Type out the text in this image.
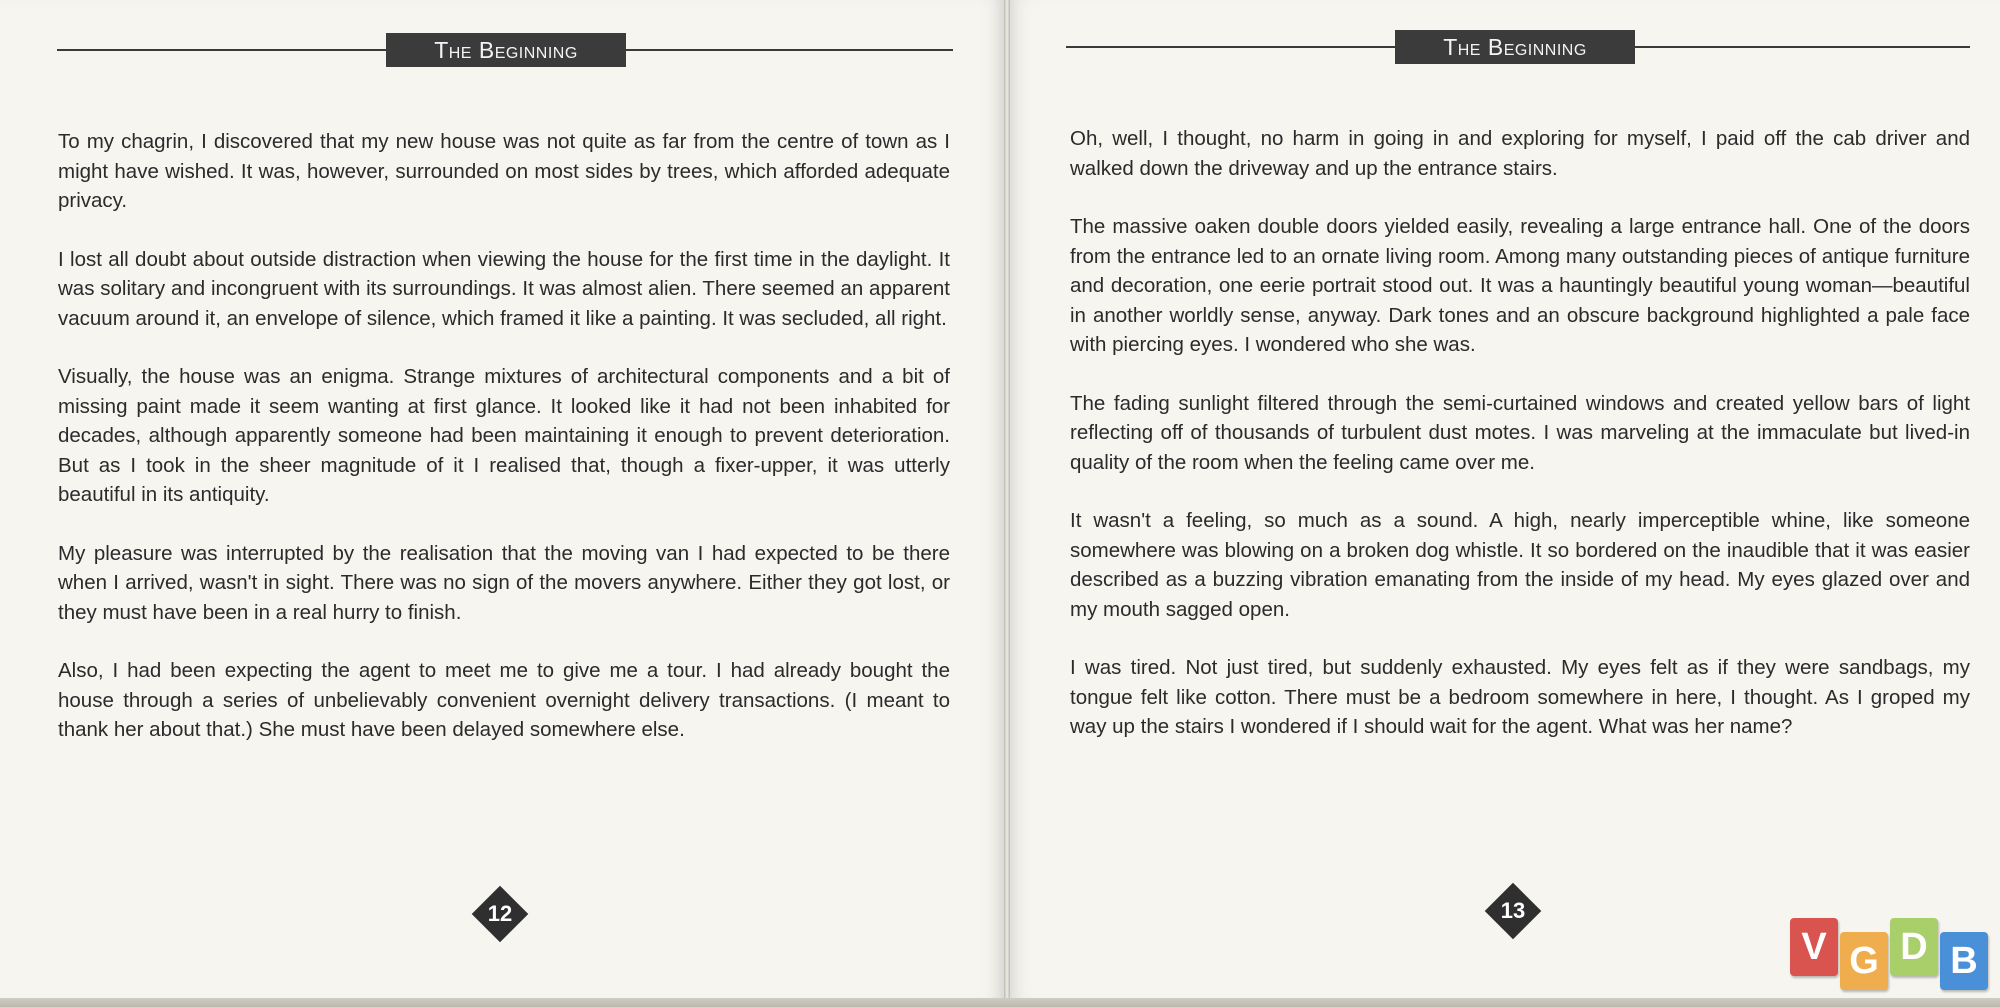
The Beginning

To my chagrin, I discovered that my new house was not quite as far from the centre of town as I might have wished. It was, however, surrounded on most sides by trees, which afforded adequate privacy.

I lost all doubt about outside distraction when viewing the house for the first time in the daylight. It was solitary and incongruent with its surroundings. It was almost alien. There seemed an apparent vacuum around it, an envelope of silence, which framed it like a painting. It was secluded, all right.

Visually, the house was an enigma. Strange mixtures of architectural components and a bit of missing paint made it seem wanting at first glance. It looked like it had not been inhabited for decades, although apparently someone had been maintaining it enough to prevent deterioration. But as I took in the sheer magnitude of it I realised that, though a fixer-upper, it was utterly beautiful in its antiquity.

My pleasure was interrupted by the realisation that the moving van I had expected to be there when I arrived, wasn't in sight. There was no sign of the movers anywhere. Either they got lost, or they must have been in a real hurry to finish.

Also, I had been expecting the agent to meet me to give me a tour. I had already bought the house through a series of unbelievably convenient overnight delivery transactions. (I meant to thank her about that.) She must have been delayed somewhere else.

12
The Beginning

Oh, well, I thought, no harm in going in and exploring for myself, I paid off the cab driver and walked down the driveway and up the entrance stairs.

The massive oaken double doors yielded easily, revealing a large entrance hall. One of the doors from the entrance led to an ornate living room. Among many outstanding pieces of antique furniture and decoration, one eerie portrait stood out. It was a hauntingly beautiful young woman—beautiful in another worldly sense, anyway. Dark tones and an obscure background highlighted a pale face with piercing eyes. I wondered who she was.

The fading sunlight filtered through the semi-curtained windows and created yellow bars of light reflecting off of thousands of turbulent dust motes. I was marveling at the immaculate but lived-in quality of the room when the feeling came over me.

It wasn't a feeling, so much as a sound. A high, nearly imperceptible whine, like someone somewhere was blowing on a broken dog whistle. It so bordered on the inaudible that it was easier described as a buzzing vibration emanating from the inside of my head. My eyes glazed over and my mouth sagged open.

I was tired. Not just tired, but suddenly exhausted. My eyes felt as if they were sandbags, my tongue felt like cotton. There must be a bedroom somewhere in here, I thought. As I groped my way up the stairs I wondered if I should wait for the agent. What was her name?

13
V G D B
